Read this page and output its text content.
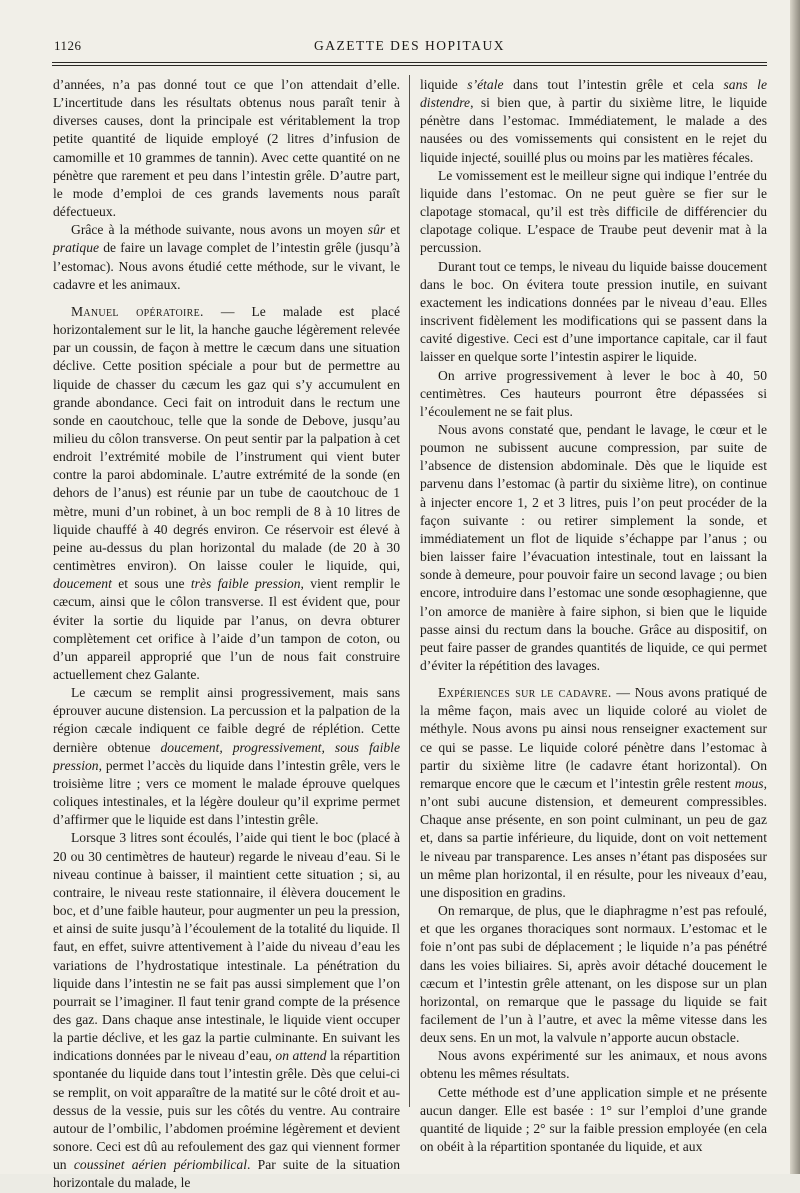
1126	GAZETTE DES HOPITAUX

d’années, n’a pas donné tout ce que l’on attendait d’elle. L’incertitude dans les résultats obtenus nous paraît tenir à diverses causes, dont la principale est véritablement la trop petite quantité de liquide employé (2 litres d’infusion de camomille et 10 grammes de tannin). Avec cette quantité on ne pénètre que rarement et peu dans l’intestin grêle. D’autre part, le mode d’emploi de ces grands lavements nous paraît défectueux.

Grâce à la méthode suivante, nous avons un moyen sûr et pratique de faire un lavage complet de l’intestin grêle (jusqu’à l’estomac). Nous avons étudié cette méthode, sur le vivant, le cadavre et les animaux.

Manuel opératoire. — Le malade est placé horizontalement sur le lit, la hanche gauche légèrement relevée par un coussin, de façon à mettre le cæcum dans une situation déclive. Cette position spéciale a pour but de permettre au liquide de chasser du cæcum les gaz qui s’y accumulent en grande abondance. Ceci fait on introduit dans le rectum une sonde en caoutchouc, telle que la sonde de Debove, jusqu’au milieu du côlon transverse. On peut sentir par la palpation à cet endroit l’extrémité mobile de l’instrument qui vient buter contre la paroi abdominale. L’autre extrémité de la sonde (en dehors de l’anus) est réunie par un tube de caoutchouc de 1 mètre, muni d’un robinet, à un boc rempli de 8 à 10 litres de liquide chauffé à 40 degrés environ. Ce réservoir est élevé à peine au-dessus du plan horizontal du malade (de 20 à 30 centimètres environ). On laisse couler le liquide, qui, doucement et sous une très faible pression, vient remplir le cæcum, ainsi que le côlon transverse. Il est évident que, pour éviter la sortie du liquide par l’anus, on devra obturer complètement cet orifice à l’aide d’un tampon de coton, ou d’un appareil approprié que l’un de nous fait construire actuellement chez Galante.

Le cæcum se remplit ainsi progressivement, mais sans éprouver aucune distension. La percussion et la palpation de la région cæcale indiquent ce faible degré de réplétion. Cette dernière obtenue doucement, progressivement, sous faible pression, permet l’accès du liquide dans l’intestin grêle, vers le troisième litre ; vers ce moment le malade éprouve quelques coliques intestinales, et la légère douleur qu’il exprime permet d’affirmer que le liquide est dans l’intestin grêle.

Lorsque 3 litres sont écoulés, l’aide qui tient le boc (placé à 20 ou 30 centimètres de hauteur) regarde le niveau d’eau. Si le niveau continue à baisser, il maintient cette situation ; si, au contraire, le niveau reste stationnaire, il élèvera doucement le boc, et d’une faible hauteur, pour augmenter un peu la pression, et ainsi de suite jusqu’à l’écoulement de la totalité du liquide. Il faut, en effet, suivre attentivement à l’aide du niveau d’eau les variations de l’hydrostatique intestinale. La pénétration du liquide dans l’intestin ne se fait pas aussi simplement que l’on pourrait se l’imaginer. Il faut tenir grand compte de la présence des gaz. Dans chaque anse intestinale, le liquide vient occuper la partie déclive, et les gaz la partie culminante. En suivant les indications données par le niveau d’eau, on attend la répartition spontanée du liquide dans tout l’intestin grêle. Dès que celui-ci se remplit, on voit apparaître de la matité sur le côté droit et au-dessus de la vessie, puis sur les côtés du ventre. Au contraire autour de l’ombilic, l’abdomen proémine légèrement et devient sonore. Ceci est dû au refoulement des gaz qui viennent former un coussinet aérien périombilical. Par suite de la situation horizontale du malade, le

liquide s’étale dans tout l’intestin grêle et cela sans le distendre, si bien que, à partir du sixième litre, le liquide pénètre dans l’estomac. Immédiatement, le malade a des nausées ou des vomissements qui consistent en le rejet du liquide injecté, souillé plus ou moins par les matières fécales.

Le vomissement est le meilleur signe qui indique l’entrée du liquide dans l’estomac. On ne peut guère se fier sur le clapotage stomacal, qu’il est très difficile de différencier du clapotage colique. L’espace de Traube peut devenir mat à la percussion.

Durant tout ce temps, le niveau du liquide baisse doucement dans le boc. On évitera toute pression inutile, en suivant exactement les indications données par le niveau d’eau. Elles inscrivent fidèlement les modifications qui se passent dans la cavité digestive. Ceci est d’une importance capitale, car il faut laisser en quelque sorte l’intestin aspirer le liquide.

On arrive progressivement à lever le boc à 40, 50 centimètres. Ces hauteurs pourront être dépassées si l’écoulement ne se fait plus.

Nous avons constaté que, pendant le lavage, le cœur et le poumon ne subissent aucune compression, par suite de l’absence de distension abdominale. Dès que le liquide est parvenu dans l’estomac (à partir du sixième litre), on continue à injecter encore 1, 2 et 3 litres, puis l’on peut procéder de la façon suivante : ou retirer simplement la sonde, et immédiatement un flot de liquide s’échappe par l’anus ; ou bien laisser faire l’évacuation intestinale, tout en laissant la sonde à demeure, pour pouvoir faire un second lavage ; ou bien encore, introduire dans l’estomac une sonde œsophagienne, que l’on amorce de manière à faire siphon, si bien que le liquide passe ainsi du rectum dans la bouche. Grâce au dispositif, on peut faire passer de grandes quantités de liquide, ce qui permet d’éviter la répétition des lavages.

Expériences sur le cadavre. — Nous avons pratiqué de la même façon, mais avec un liquide coloré au violet de méthyle. Nous avons pu ainsi nous renseigner exactement sur ce qui se passe. Le liquide coloré pénètre dans l’estomac à partir du sixième litre (le cadavre étant horizontal). On remarque encore que le cæcum et l’intestin grêle restent mous, n’ont subi aucune distension, et demeurent compressibles. Chaque anse présente, en son point culminant, un peu de gaz et, dans sa partie inférieure, du liquide, dont on voit nettement le niveau par transparence. Les anses n’étant pas disposées sur un même plan horizontal, il en résulte, pour les niveaux d’eau, une disposition en gradins.

On remarque, de plus, que le diaphragme n’est pas refoulé, et que les organes thoraciques sont normaux. L’estomac et le foie n’ont pas subi de déplacement ; le liquide n’a pas pénétré dans les voies biliaires. Si, après avoir détaché doucement le cæcum et l’intestin grêle attenant, on les dispose sur un plan horizontal, on remarque que le passage du liquide se fait facilement de l’un à l’autre, et avec la même vitesse dans les deux sens. En un mot, la valvule n’apporte aucun obstacle.

Nous avons expérimenté sur les animaux, et nous avons obtenu les mêmes résultats.

Cette méthode est d’une application simple et ne présente aucun danger. Elle est basée : 1° sur l’emploi d’une grande quantité de liquide ; 2° sur la faible pression employée (en cela on obéit à la répartition spontanée du liquide, et aux
